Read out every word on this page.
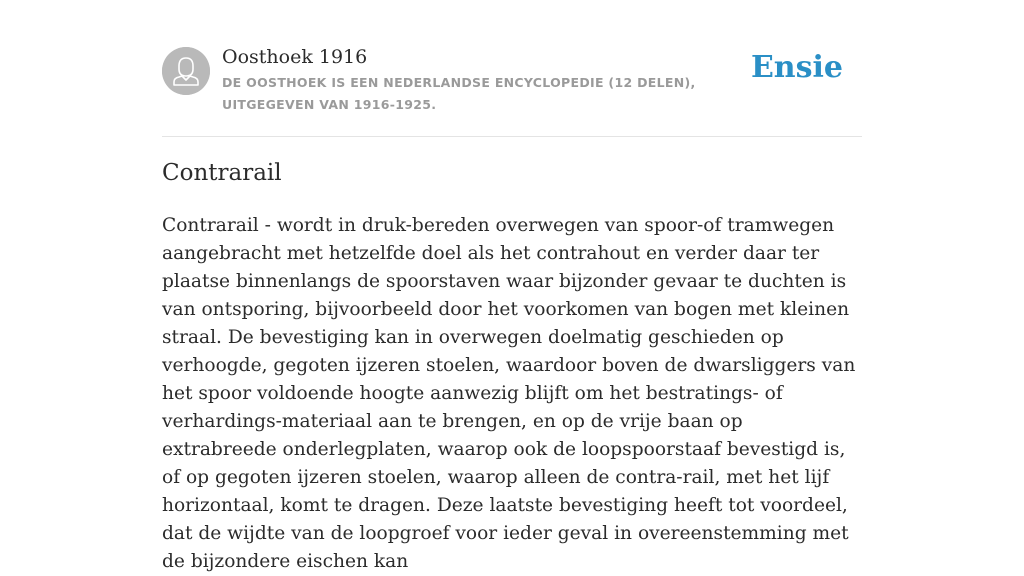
Oosthoek 1916
DE OOSTHOEK IS EEN NEDERLANDSE ENCYCLOPEDIE (12 DELEN), UITGEGEVEN VAN 1916-1925.
Ensie
Contrarail

Contrarail - wordt in druk-bereden overwegen van spoor-of tramwegen aangebracht met hetzelfde doel als het contrahout en verder daar ter plaatse binnenlangs de spoorstaven waar bijzonder gevaar te duchten is van ontsporing, bijvoorbeeld door het voorkomen van bogen met kleinen straal. De bevestiging kan in overwegen doelmatig geschieden op verhoogde, gegoten ijzeren stoelen, waardoor boven de dwarsliggers van het spoor voldoende hoogte aanwezig blijft om het bestratings- of verhardings-materiaal aan te brengen, en op de vrije baan op extrabreede onderlegplaten, waarop ook de loopspoorstaaf bevestigd is, of op gegoten ijzeren stoelen, waarop alleen de contra-rail, met het lijf horizontaal, komt te dragen. Deze laatste bevestiging heeft tot voordeel, dat de wijdte van de loopgroef voor ieder geval in overeenstemming met de bijzondere eischen kan
